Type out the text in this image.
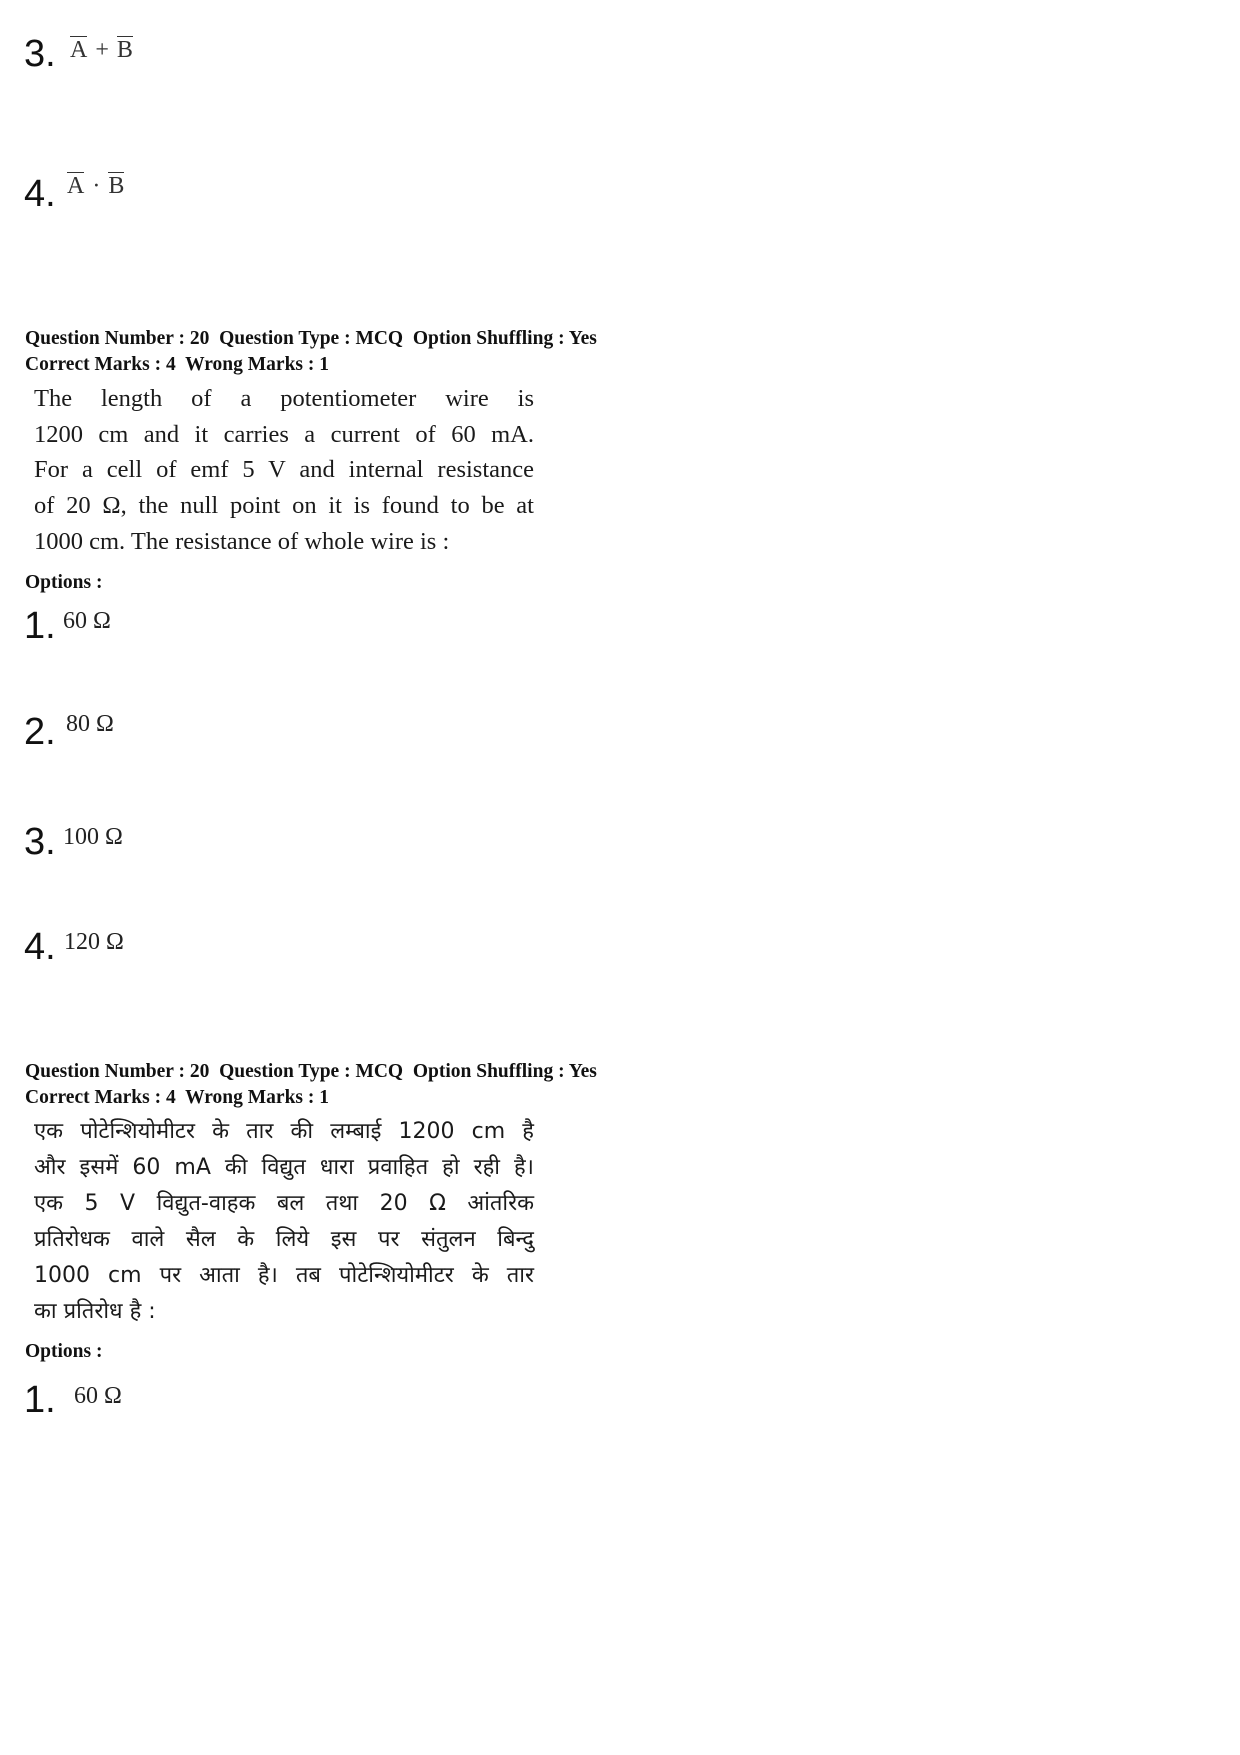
3. A + B
4. A · B
Question Number : 20  Question Type : MCQ  Option Shuffling : Yes
Correct Marks : 4  Wrong Marks : 1
The length of a potentiometer wire is
1200 cm and it carries a current of 60 mA.
For a cell of emf 5 V and internal resistance
of 20 Ω, the null point on it is found to be at
1000 cm. The resistance of whole wire is :
Options :
1. 60 Ω
2. 80 Ω
3. 100 Ω
4. 120 Ω
Question Number : 20  Question Type : MCQ  Option Shuffling : Yes
Correct Marks : 4  Wrong Marks : 1
एक पोटेन्शियोमीटर के तार की लम्बाई 1200 cm है
और इसमें 60 mA की विद्युत धारा प्रवाहित हो रही है।
एक 5 V विद्युत-वाहक बल तथा 20 Ω आंतरिक
प्रतिरोधक वाले सैल के लिये इस पर संतुलन बिन्दु
1000 cm पर आता है। तब पोटेन्शियोमीटर के तार
का प्रतिरोध है :
Options :
1. 60 Ω
